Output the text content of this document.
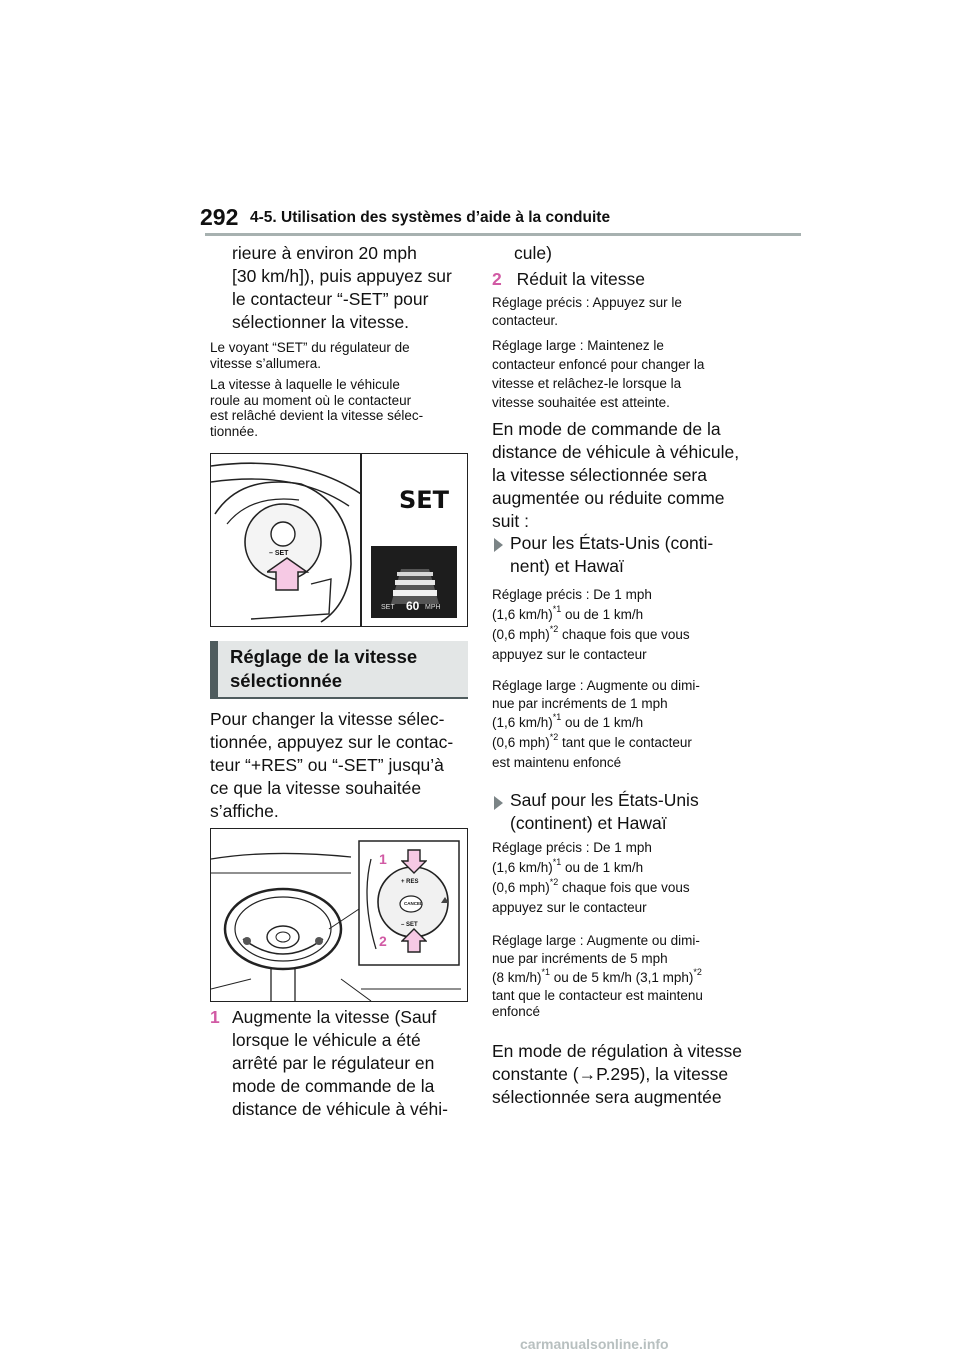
292 4-5. Utilisation des systèmes d’aide à la conduite
rieure à environ 20 mph
[30 km/h]), puis appuyez sur
le contacteur “-SET” pour
sélectionner la vitesse.
Le voyant “SET” du régulateur de
vitesse s’allumera.
La vitesse à laquelle le véhicule
roule au moment où le contacteur
est relâché devient la vitesse sélec-
tionnée.
SET
– SET
SET 60 MPH
Réglage de la vitesse
sélectionnée
Pour changer la vitesse sélec-
tionnée, appuyez sur le contac-
teur “+RES” ou “-SET” jusqu’à
ce que la vitesse souhaitée
s’affiche.
+ RES
CANCEL
– SET
1
2
1 Augmente la vitesse (Sauf
lorsque le véhicule a été
arrêté par le régulateur en
mode de commande de la
distance de véhicule à véhi-
cule)
2 Réduit la vitesse
Réglage précis : Appuyez sur le
contacteur.
Réglage large : Maintenez le
contacteur enfoncé pour changer la
vitesse et relâchez-le lorsque la
vitesse souhaitée est atteinte.
En mode de commande de la
distance de véhicule à véhicule,
la vitesse sélectionnée sera
augmentée ou réduite comme
suit :
Pour les États-Unis (conti-
nent) et Hawaï
Réglage précis : De 1 mph
(1,6 km/h)$^{*1}$ ou de 1 km/h
(0,6 mph)$^{*2}$ chaque fois que vous
appuyez sur le contacteur
Réglage large : Augmente ou dimi-
nue par incréments de 1 mph
(1,6 km/h)$^{*1}$ ou de 1 km/h
(0,6 mph)$^{*2}$ tant que le contacteur
est maintenu enfoncé
Sauf pour les États-Unis
(continent) et Hawaï
Réglage précis : De 1 mph
(1,6 km/h)$^{*1}$ ou de 1 km/h
(0,6 mph)$^{*2}$ chaque fois que vous
appuyez sur le contacteur
Réglage large : Augmente ou dimi-
nue par incréments de 5 mph
(8 km/h)$^{*1}$ ou de 5 km/h (3,1 mph)$^{*2}$
tant que le contacteur est maintenu
enfoncé
En mode de régulation à vitesse
constante (→P.295), la vitesse
sélectionnée sera augmentée
carmanualsonline.info
